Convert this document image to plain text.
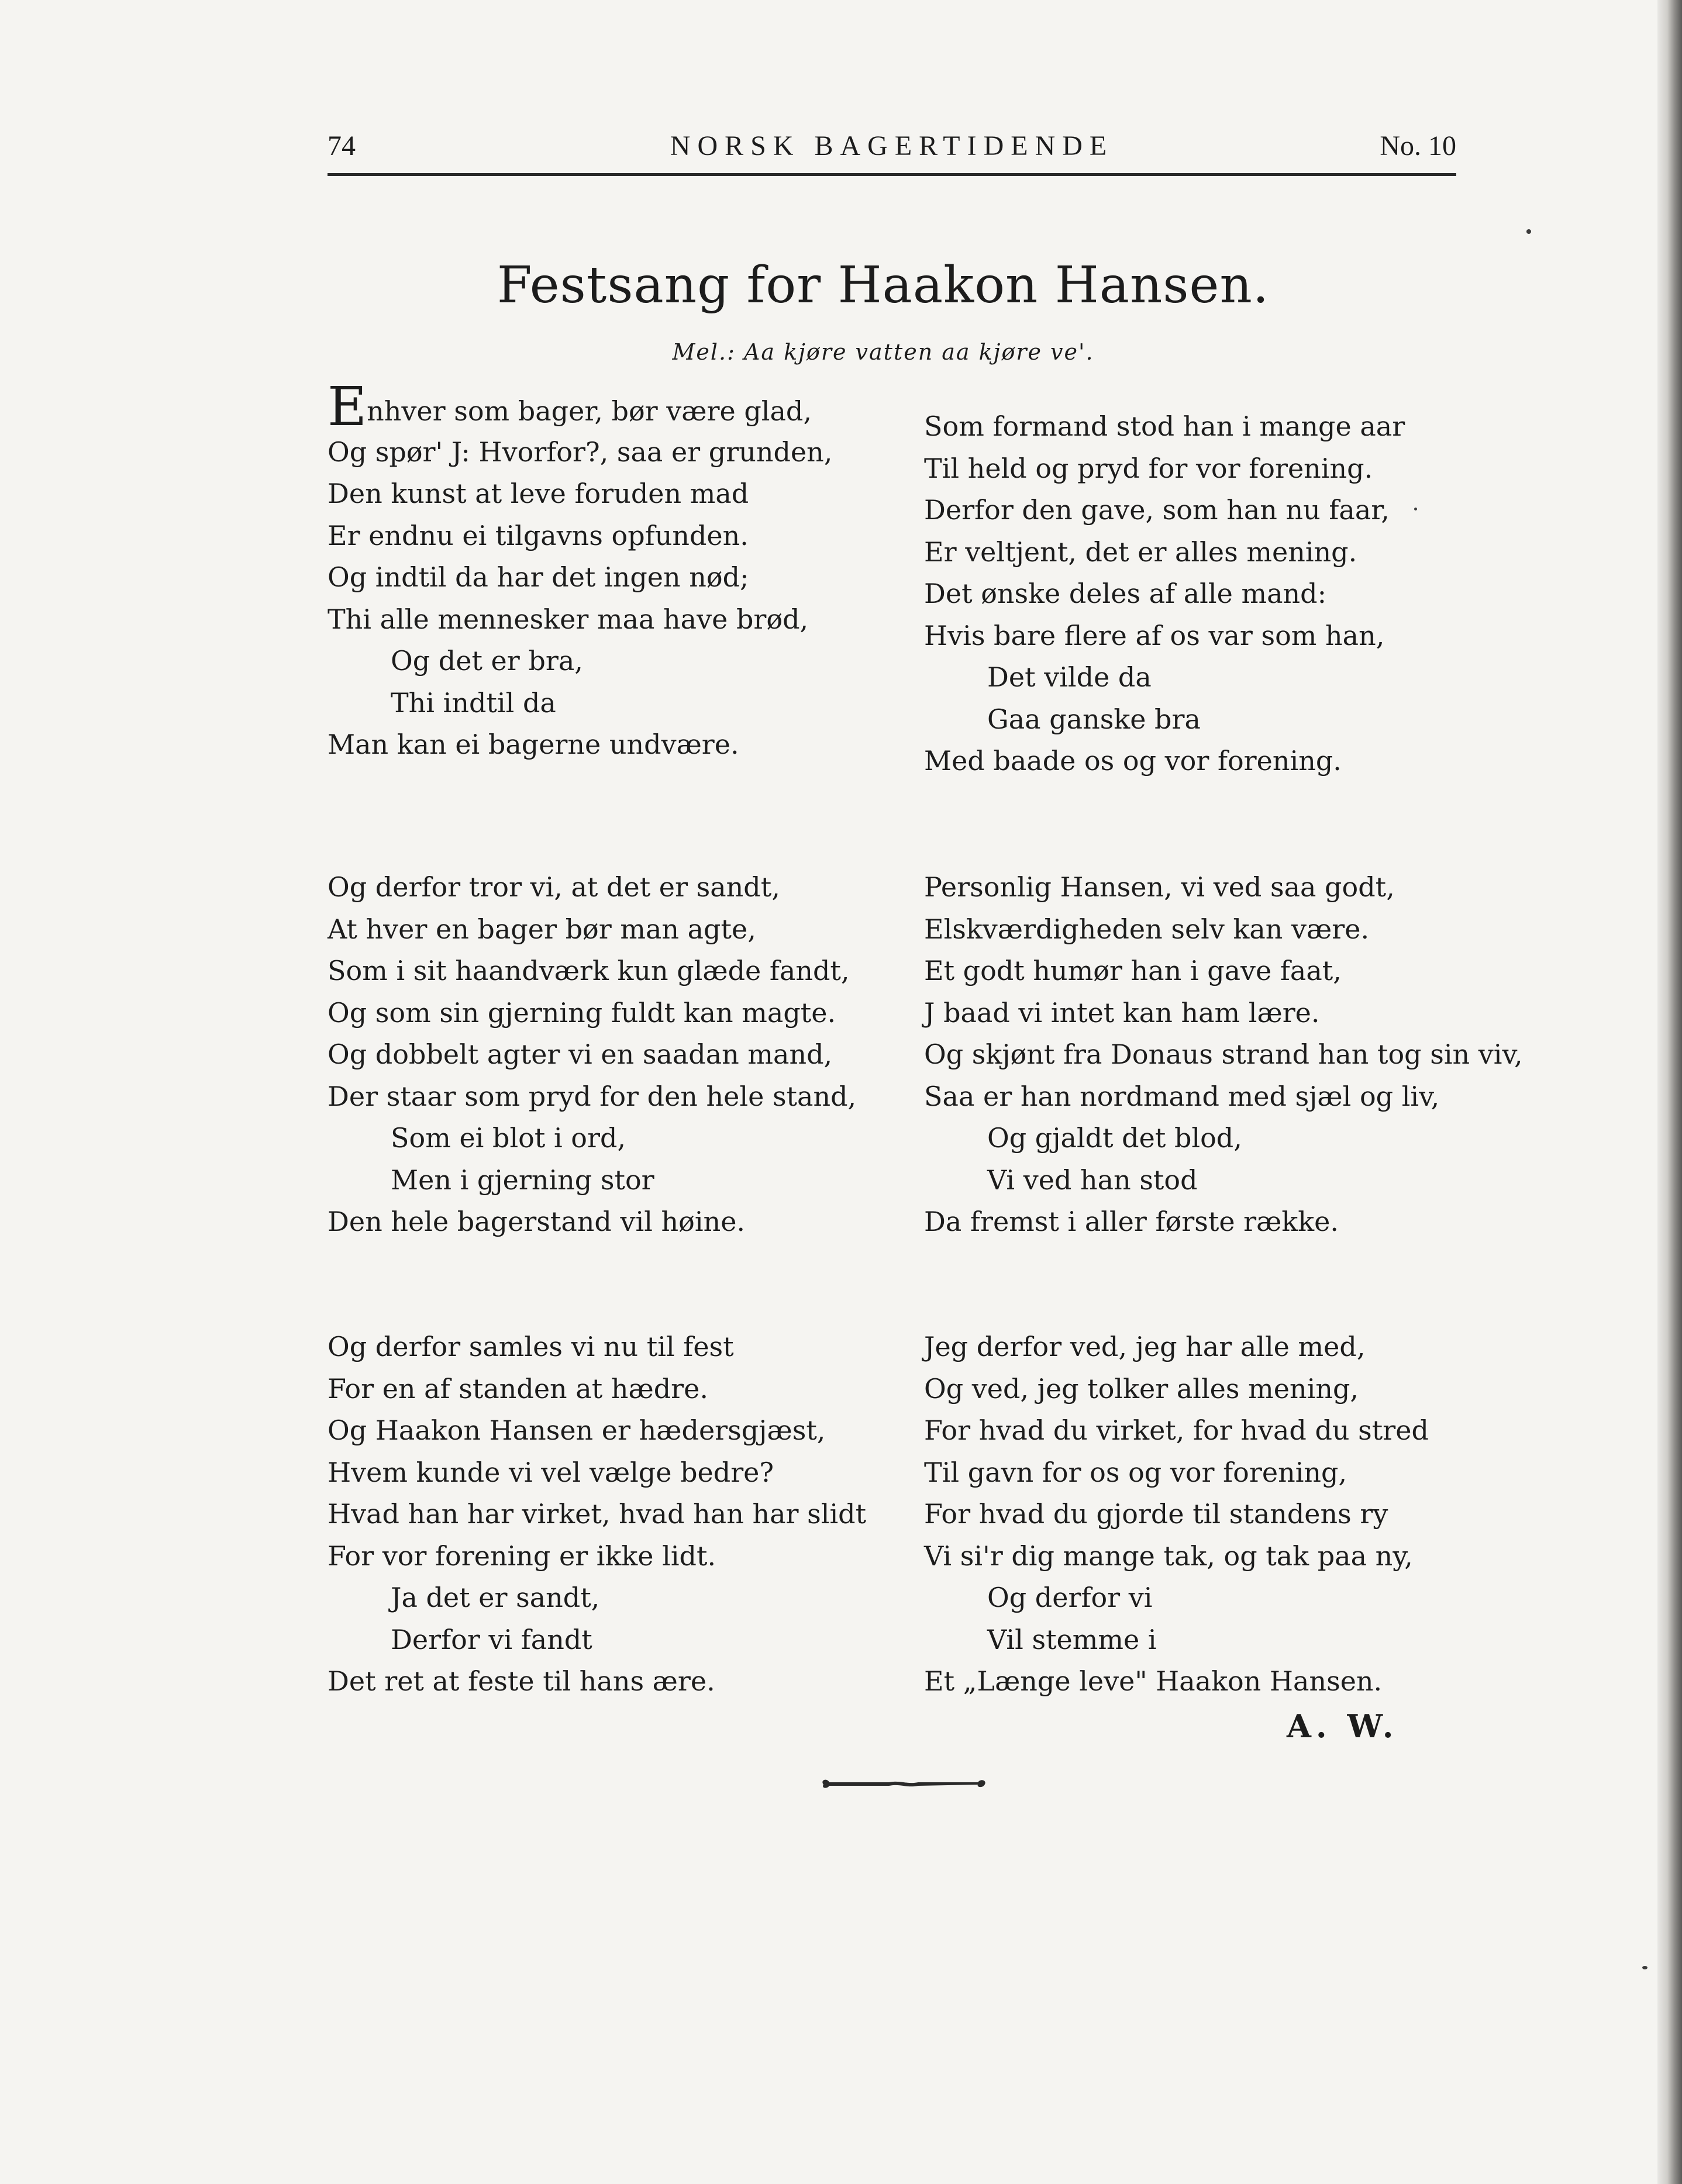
74	NORSK BAGERTIDENDE	No. 10
Festsang for Haakon Hansen.
Mel.: Aa kjøre vatten aa kjøre ve'.
Enhver som bager, bør være glad,
Og spør' J: Hvorfor?, saa er grunden,
Den kunst at leve foruden mad
Er endnu ei tilgavns opfunden.
Og indtil da har det ingen nød;
Thi alle mennesker maa have brød,
Og det er bra,
Thi indtil da
Man kan ei bagerne undvære.
Som formand stod han i mange aar
Til held og pryd for vor forening.
Derfor den gave, som han nu faar,
Er veltjent, det er alles mening.
Det ønske deles af alle mand:
Hvis bare flere af os var som han,
Det vilde da
Gaa ganske bra
Med baade os og vor forening.
Og derfor tror vi, at det er sandt,
At hver en bager bør man agte,
Som i sit haandværk kun glæde fandt,
Og som sin gjerning fuldt kan magte.
Og dobbelt agter vi en saadan mand,
Der staar som pryd for den hele stand,
Som ei blot i ord,
Men i gjerning stor
Den hele bagerstand vil høine.
Personlig Hansen, vi ved saa godt,
Elskværdigheden selv kan være.
Et godt humør han i gave faat,
J baad vi intet kan ham lære.
Og skjønt fra Donaus strand han tog sin viv,
Saa er han nordmand med sjæl og liv,
Og gjaldt det blod,
Vi ved han stod
Da fremst i aller første række.
Og derfor samles vi nu til fest
For en af standen at hædre.
Og Haakon Hansen er hædersgjæst,
Hvem kunde vi vel vælge bedre?
Hvad han har virket, hvad han har slidt
For vor forening er ikke lidt.
Ja det er sandt,
Derfor vi fandt
Det ret at feste til hans ære.
Jeg derfor ved, jeg har alle med,
Og ved, jeg tolker alles mening,
For hvad du virket, for hvad du stred
Til gavn for os og vor forening,
For hvad du gjorde til standens ry
Vi si'r dig mange tak, og tak paa ny,
Og derfor vi
Vil stemme i
Et „Længe leve" Haakon Hansen.
A. W.
